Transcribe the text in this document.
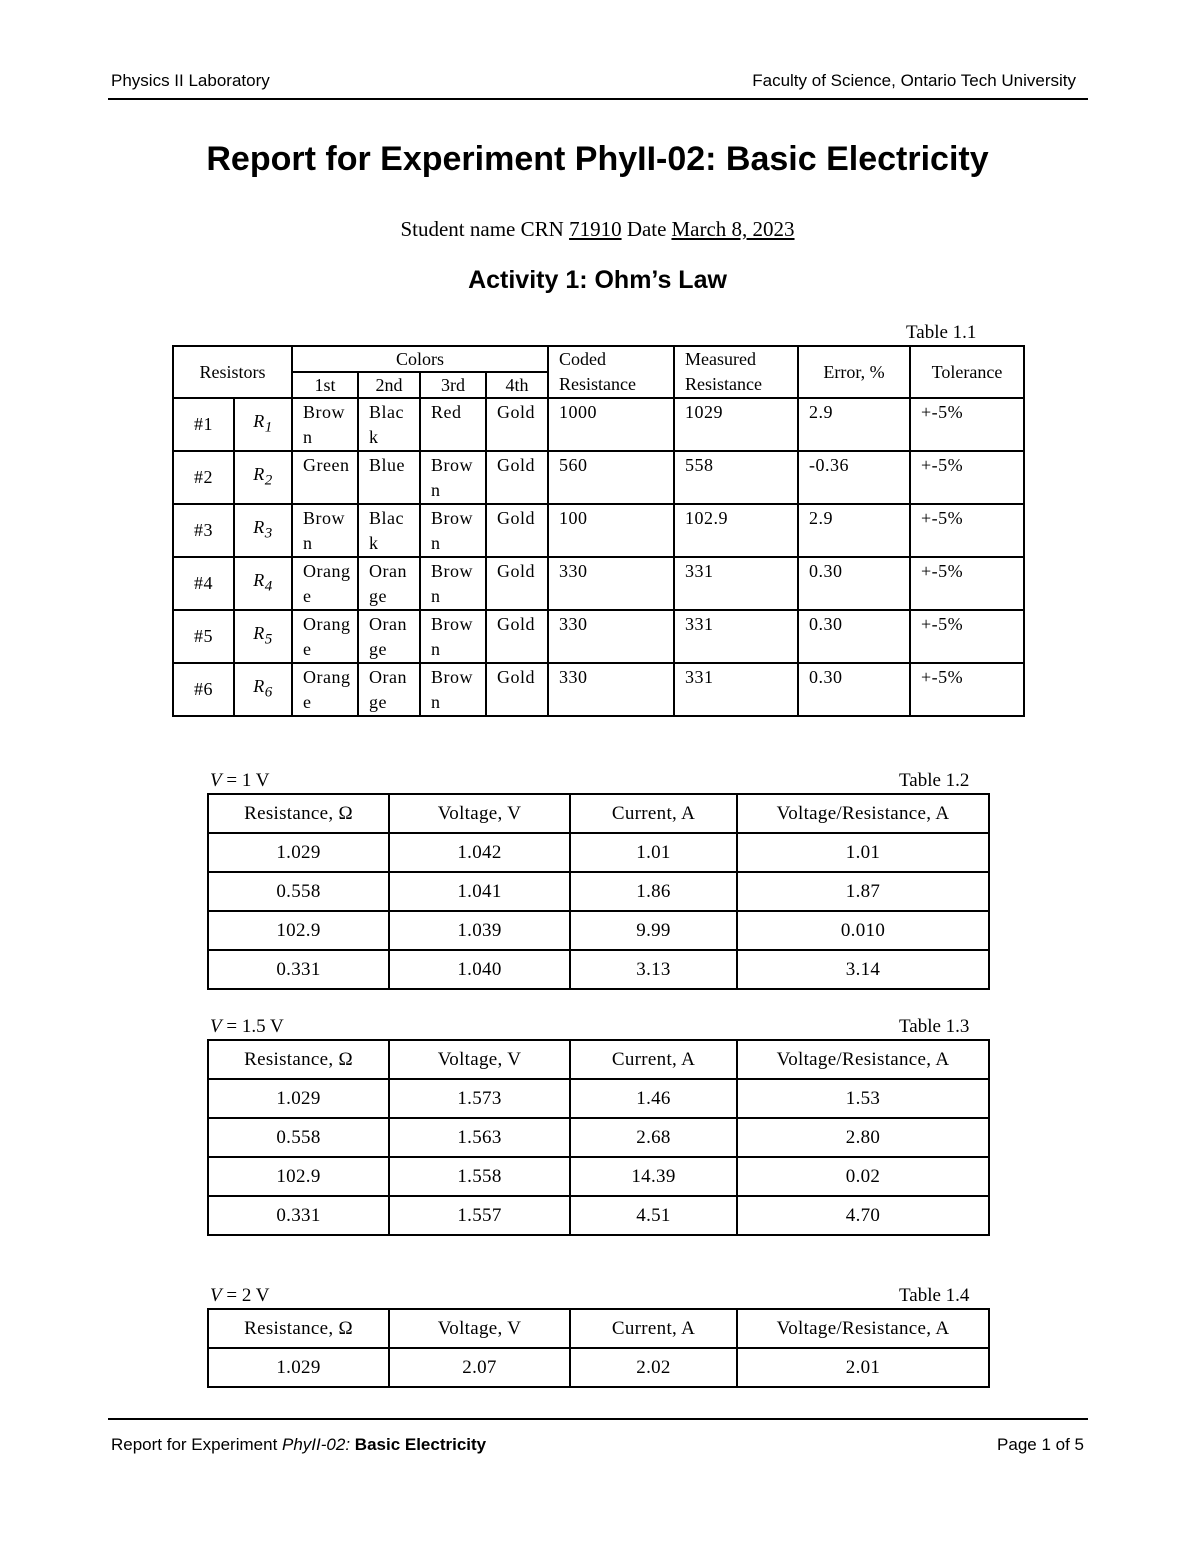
Physics II Laboratory	Faculty of Science, Ontario Tech University
Report for Experiment PhyII-02: Basic Electricity
Student name CRN 71910 Date March 8, 2023
Activity 1: Ohm’s Law
Table 1.1
Resistors		Colors				Coded Resistance	Measured Resistance	Error, %	Tolerance
		1st	2nd	3rd	4th				
#1	$R_1$	Brown	Black	Red	Gold	1000	1029	2.9	+-5%
#2	$R_2$	Green	Blue	Brown	Gold	560	558	-0.36	+-5%
#3	$R_3$	Brown	Black	Brown	Gold	100	102.9	2.9	+-5%
#4	$R_4$	Orange	Orange	Brown	Gold	330	331	0.30	+-5%
#5	$R_5$	Orange	Orange	Brown	Gold	330	331	0.30	+-5%
#6	$R_6$	Orange	Orange	Brown	Gold	330	331	0.30	+-5%
V = 1 V	Table 1.2
Resistance, Ω	Voltage, V	Current, A	Voltage/Resistance, A
1.029	1.042	1.01	1.01
0.558	1.041	1.86	1.87
102.9	1.039	9.99	0.010
0.331	1.040	3.13	3.14
V = 1.5 V	Table 1.3
Resistance, Ω	Voltage, V	Current, A	Voltage/Resistance, A
1.029	1.573	1.46	1.53
0.558	1.563	2.68	2.80
102.9	1.558	14.39	0.02
0.331	1.557	4.51	4.70
V = 2 V	Table 1.4
Resistance, Ω	Voltage, V	Current, A	Voltage/Resistance, A
1.029	2.07	2.02	2.01
Report for Experiment PhyII-02: Basic Electricity	Page 1 of 5
